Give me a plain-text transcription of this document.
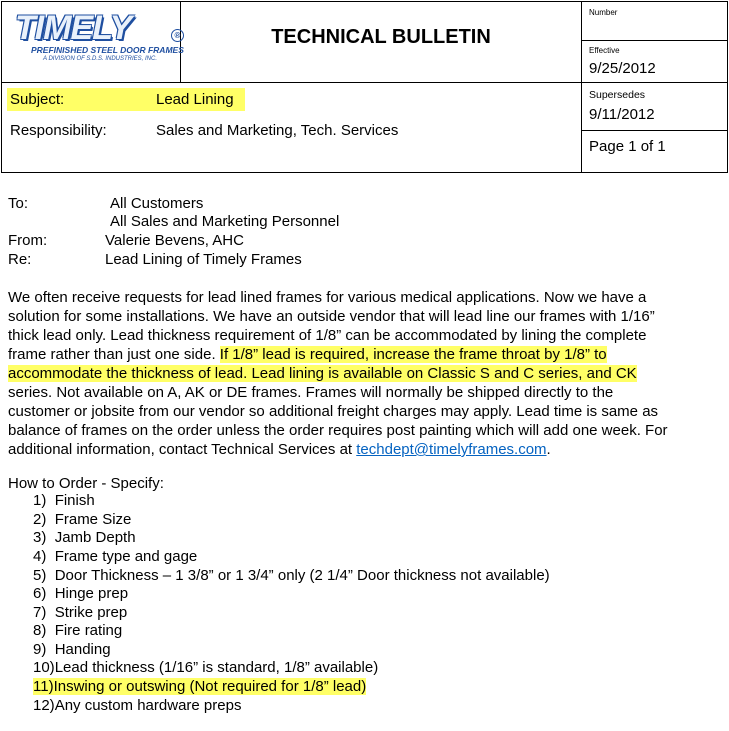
TIMELY	®
PREFINISHED STEEL DOOR FRAMES
A DIVISION OF S.D.S. INDUSTRIES, INC.
TECHNICAL BULLETIN
Number
Effective
9/25/2012
Subject:	Lead Lining
Responsibility:	Sales and Marketing, Tech. Services
Supersedes
9/11/2012
Page 1 of 1
To:	All Customers
All Sales and Marketing Personnel
From:	Valerie Bevens, AHC
Re:	Lead Lining of Timely Frames
We often receive requests for lead lined frames for various medical applications. Now we have a
solution for some installations. We have an outside vendor that will lead line our frames with 1/16”
thick lead only. Lead thickness requirement of 1/8” can be accommodated by lining the complete
frame rather than just one side. If 1/8” lead is required, increase the frame throat by 1/8” to
accommodate the thickness of lead. Lead lining is available on Classic S and C series, and CK
series. Not available on A, AK or DE frames. Frames will normally be shipped directly to the
customer or jobsite from our vendor so additional freight charges may apply. Lead time is same as
balance of frames on the order unless the order requires post painting which will add one week. For
additional information, contact Technical Services at techdept@timelyframes.com.
How to Order - Specify:
1) Finish
2) Frame Size
3) Jamb Depth
4) Frame type and gage
5) Door Thickness – 1 3/8” or 1 3/4” only (2 1/4” Door thickness not available)
6) Hinge prep
7) Strike prep
8) Fire rating
9) Handing
10)Lead thickness (1/16” is standard, 1/8” available)
11)Inswing or outswing (Not required for 1/8” lead)
12)Any custom hardware preps
